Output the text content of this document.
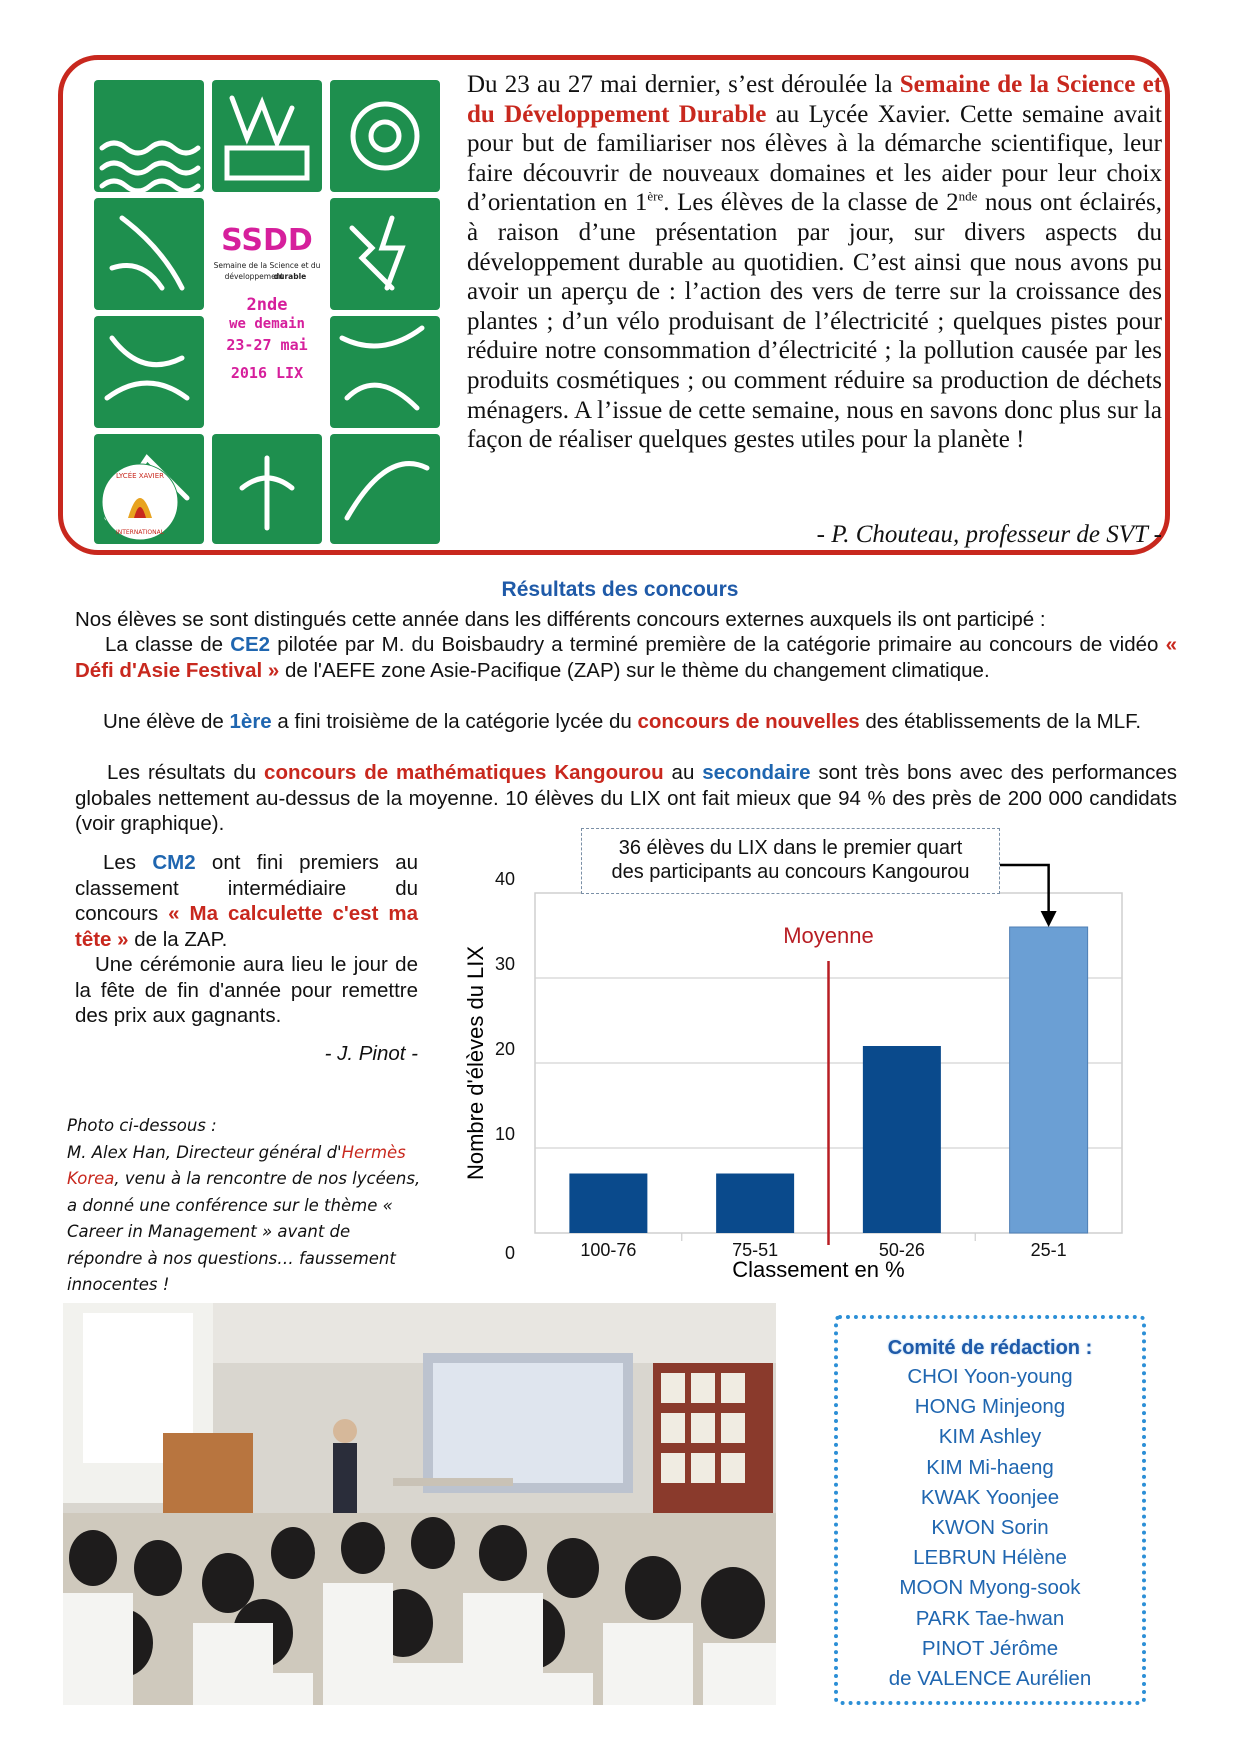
SSDD
Semaine de la Science et du
développement
durable
2nde
we demain
23-27 mai
2016 LIX
LYCÉE XAVIER
INTERNATIONAL
Du 23 au 27 mai dernier, s’est déroulée la Semaine de la Science et du Développement Durable au Lycée Xavier. Cette semaine avait pour but de familiariser nos élèves à la démarche scientifique, leur faire découvrir de nouveaux domaines et les aider pour leur choix d’orientation en 1ère. Les élèves de la classe de 2nde nous ont éclairés, à raison d’une présentation par jour, sur divers aspects du développement durable au quotidien. C’est ainsi que nous avons pu avoir un aperçu de : l’action des vers de terre sur la croissance des plantes ; d’un vélo produisant de l’électricité ; quelques pistes pour réduire notre consommation d’électricité ; la pollution causée par les produits cosmétiques ; ou comment réduire sa production de déchets ménagers. A l’issue de cette semaine, nous en savons donc plus sur la façon de réaliser quelques gestes utiles pour la planète !
- P. Chouteau, professeur de SVT -
Résultats des concours
Nos élèves se sont distingués cette année dans les différents concours externes auxquels ils ont participé :
La classe de CE2 pilotée par M. du Boisbaudry a terminé première de la catégorie primaire au concours de vidéo « Défi d'Asie Festival » de l'AEFE zone Asie-Pacifique (ZAP) sur le thème du changement climatique.
Une élève de 1ère a fini troisième de la catégorie lycée du concours de nouvelles des établissements de la MLF.
Les résultats du concours de mathématiques Kangourou au secondaire sont très bons avec des performances globales nettement au-dessus de la moyenne. 10 élèves du LIX ont fait mieux que 94 % des près de 200 000 candidats (voir graphique).
Les CM2 ont fini premiers au classement intermédiaire du concours « Ma calculette c'est ma tête » de la ZAP.
Une cérémonie aura lieu le jour de la fête de fin d'année pour remettre des prix aux gagnants.
- J. Pinot -
Photo ci-dessous :
M. Alex Han, Directeur général d'Hermès Korea, venu à la rencontre de nos lycéens, a donné une conférence sur le thème « Career in Management » avant de répondre à nos questions… faussement innocentes !
0
10
20
30
40
100-76	75-51	50-26	25-1
Moyenne
Nombre d'élèves du LIX
Classement en %
36 élèves du LIX dans le premier quart
des participants au concours Kangourou
Comité de rédaction :
CHOI Yoon-young
HONG Minjeong
KIM Ashley
KIM Mi-haeng
KWAK Yoonjee
KWON Sorin
LEBRUN Hélène
MOON Myong-sook
PARK Tae-hwan
PINOT Jérôme
de VALENCE Aurélien
